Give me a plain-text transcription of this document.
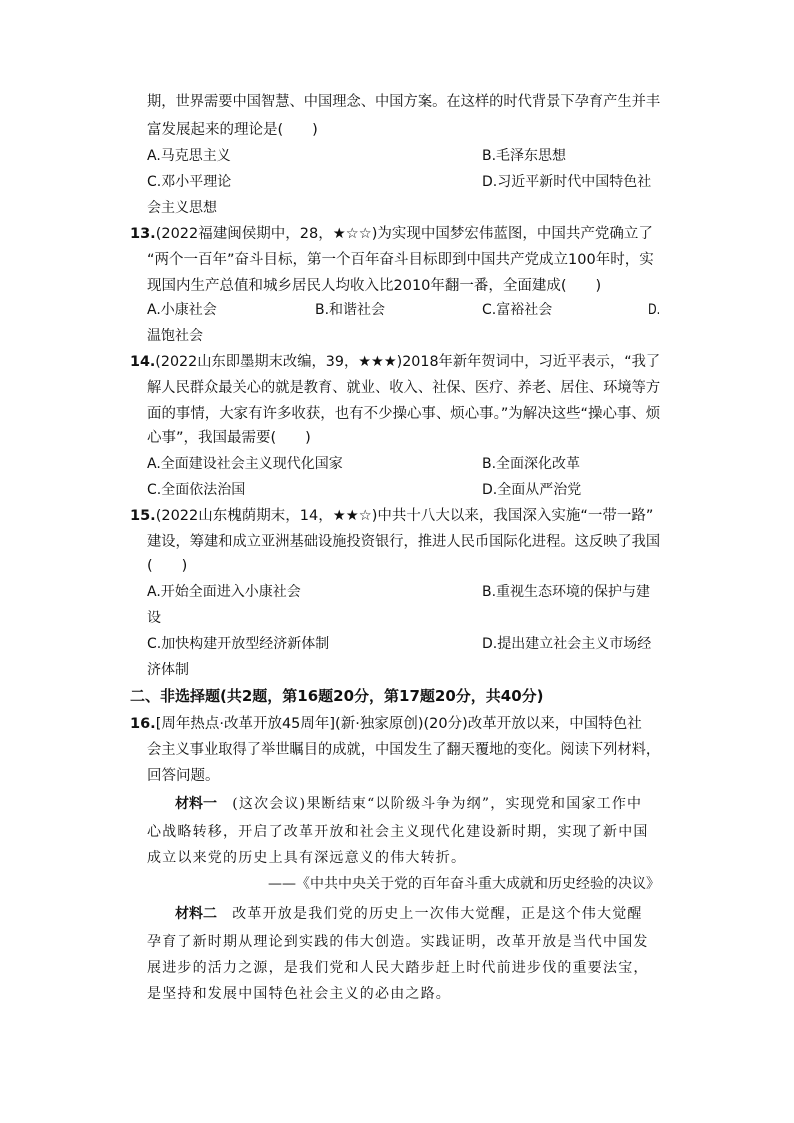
期，世界需要中国智慧、中国理念、中国方案。在这样的时代背景下孕育产生并丰
富发展起来的理论是(　　)
A.马克思主义	B.毛泽东思想
C.邓小平理论	D.习近平新时代中国特色社
会主义思想
13.(2022福建闽侯期中，28，★☆☆)为实现中国梦宏伟蓝图，中国共产党确立了
“两个一百年”奋斗目标，第一个百年奋斗目标即到中国共产党成立100年时，实
现国内生产总值和城乡居民人均收入比2010年翻一番，全面建成(　　)
A.小康社会	B.和谐社会	C.富裕社会	D.
温饱社会
14.(2022山东即墨期末改编，39，★★★)2018年新年贺词中，习近平表示，“我了
解人民群众最关心的就是教育、就业、收入、社保、医疗、养老、居住、环境等方
面的事情，大家有许多收获，也有不少操心事、烦心事。”为解决这些“操心事、烦
心事”，我国最需要(　　)
A.全面建设社会主义现代化国家	B.全面深化改革
C.全面依法治国	D.全面从严治党
15.(2022山东槐荫期末，14，★★☆)中共十八大以来，我国深入实施“一带一路”
建设，筹建和成立亚洲基础设施投资银行，推进人民币国际化进程。这反映了我国
(　　)
A.开始全面进入小康社会	B.重视生态环境的保护与建
设
C.加快构建开放型经济新体制	D.提出建立社会主义市场经
济体制
二、非选择题(共2题，第16题20分，第17题20分，共40分)
16.[周年热点·改革开放45周年](新·独家原创)(20分)改革开放以来，中国特色社
会主义事业取得了举世瞩目的成就，中国发生了翻天覆地的变化。阅读下列材料，
回答问题。
材料一  (这次会议)果断结束“以阶级斗争为纲”，实现党和国家工作中
心战略转移，开启了改革开放和社会主义现代化建设新时期，实现了新中国
成立以来党的历史上具有深远意义的伟大转折。
——《中共中央关于党的百年奋斗重大成就和历史经验的决议》
材料二  改革开放是我们党的历史上一次伟大觉醒，正是这个伟大觉醒
孕育了新时期从理论到实践的伟大创造。实践证明，改革开放是当代中国发
展进步的活力之源，是我们党和人民大踏步赶上时代前进步伐的重要法宝，
是坚持和发展中国特色社会主义的必由之路。
